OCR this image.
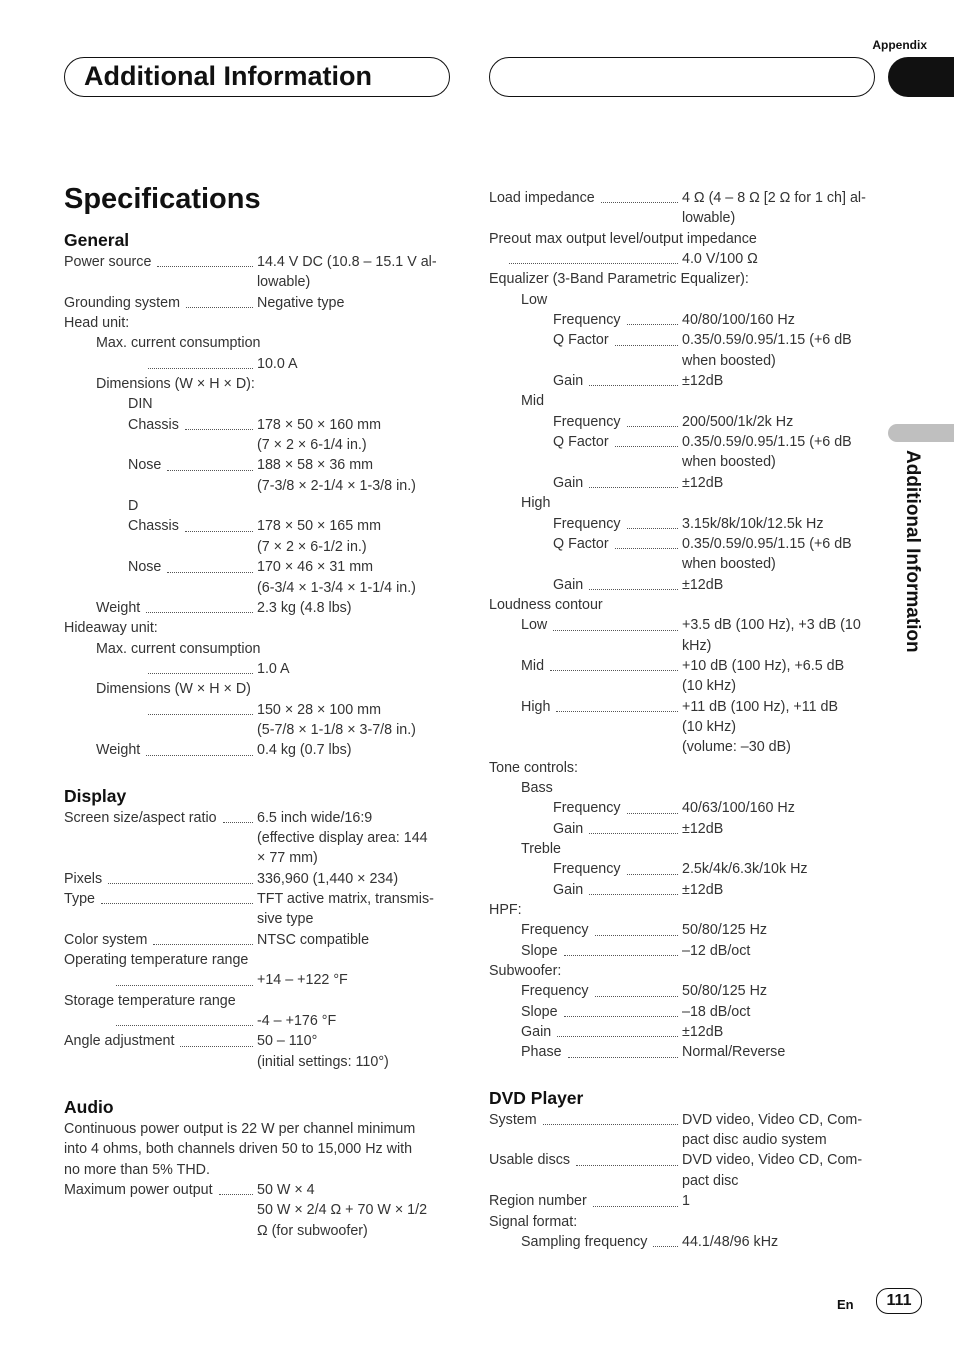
Appendix
Additional Information
Additional Information
Specifications
General
Power source	14.4 V DC (10.8 – 15.1 V al-
lowable)
Grounding system	Negative type
Head unit:
Max. current consumption
10.0 A
Dimensions (W × H × D):
DIN
Chassis	178 × 50 × 160 mm
(7 × 2 × 6-1/4 in.)
Nose	188 × 58 × 36 mm
(7-3/8 × 2-1/4 × 1-3/8 in.)
D
Chassis	178 × 50 × 165 mm
(7 × 2 × 6-1/2 in.)
Nose	170 × 46 × 31 mm
(6-3/4 × 1-3/4 × 1-1/4 in.)
Weight	2.3 kg (4.8 lbs)
Hideaway unit:
Max. current consumption
1.0 A
Dimensions (W × H × D)
150 × 28 × 100 mm
(5-7/8 × 1-1/8 × 3-7/8 in.)
Weight	0.4 kg (0.7 lbs)
Display
Screen size/aspect ratio	6.5 inch wide/16:9
(effective display area: 144
× 77 mm)
Pixels	336,960 (1,440 × 234)
Type	TFT active matrix, transmis-
sive type
Color system	NTSC compatible
Operating temperature range
+14 – +122 °F
Storage temperature range
-4 – +176 °F
Angle adjustment	50 – 110°
(initial settings: 110°)
Audio
Continuous power output is 22 W per channel minimum
into 4 ohms, both channels driven 50 to 15,000 Hz with
no more than 5% THD.
Maximum power output	50 W × 4
50 W × 2/4 Ω + 70 W × 1/2
Ω (for subwoofer)
Load impedance	4 Ω (4 – 8 Ω [2 Ω for 1 ch] al-
lowable)
Preout max output level/output impedance
4.0 V/100 Ω
Equalizer (3-Band Parametric Equalizer):
Low
Frequency	40/80/100/160 Hz
Q Factor	0.35/0.59/0.95/1.15 (+6 dB
when boosted)
Gain	±12dB
Mid
Frequency	200/500/1k/2k Hz
Q Factor	0.35/0.59/0.95/1.15 (+6 dB
when boosted)
Gain	±12dB
High
Frequency	3.15k/8k/10k/12.5k Hz
Q Factor	0.35/0.59/0.95/1.15 (+6 dB
when boosted)
Gain	±12dB
Loudness contour
Low	+3.5 dB (100 Hz), +3 dB (10
kHz)
Mid	+10 dB (100 Hz), +6.5 dB
(10 kHz)
High	+11 dB (100 Hz), +11 dB
(10 kHz)
(volume: –30 dB)
Tone controls:
Bass
Frequency	40/63/100/160 Hz
Gain	±12dB
Treble
Frequency	2.5k/4k/6.3k/10k Hz
Gain	±12dB
HPF:
Frequency	50/80/125 Hz
Slope	–12 dB/oct
Subwoofer:
Frequency	50/80/125 Hz
Slope	–18 dB/oct
Gain	±12dB
Phase	Normal/Reverse
DVD Player
System	DVD video, Video CD, Com-
pact disc audio system
Usable discs	DVD video, Video CD, Com-
pact disc
Region number	1
Signal format:
Sampling frequency 44.1/48/96 kHz
En	111
